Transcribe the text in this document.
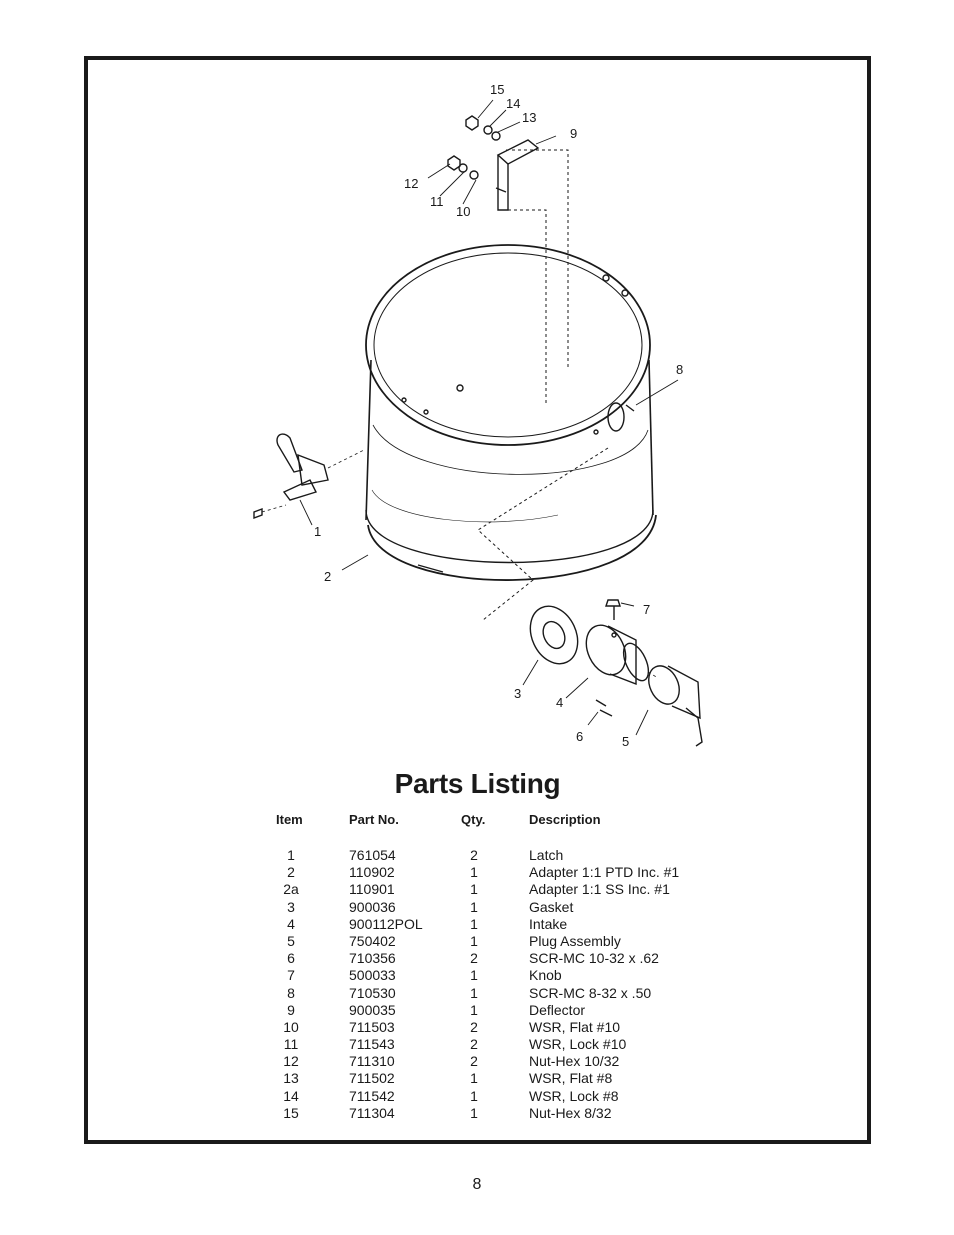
15
14
13
9
12
11
10
8
1
2
7
3
4
6	5
Parts Listing
Item	Part No.	Qty.	Description
1	761054	2	Latch
2	110902	1	Adapter 1:1 PTD Inc. #1
2a	110901	1	Adapter 1:1 SS Inc. #1
3	900036	1	Gasket
4	900112POL	1	Intake
5	750402	1	Plug Assembly
6	710356	2	SCR-MC 10-32 x .62
7	500033	1	Knob
8	710530	1	SCR-MC 8-32 x .50
9	900035	1	Deflector
10	711503	2	WSR, Flat #10
11	711543	2	WSR, Lock #10
12	711310	2	Nut-Hex 10/32
13	711502	1	WSR, Flat #8
14	711542	1	WSR, Lock #8
15	711304	1	Nut-Hex 8/32
8
